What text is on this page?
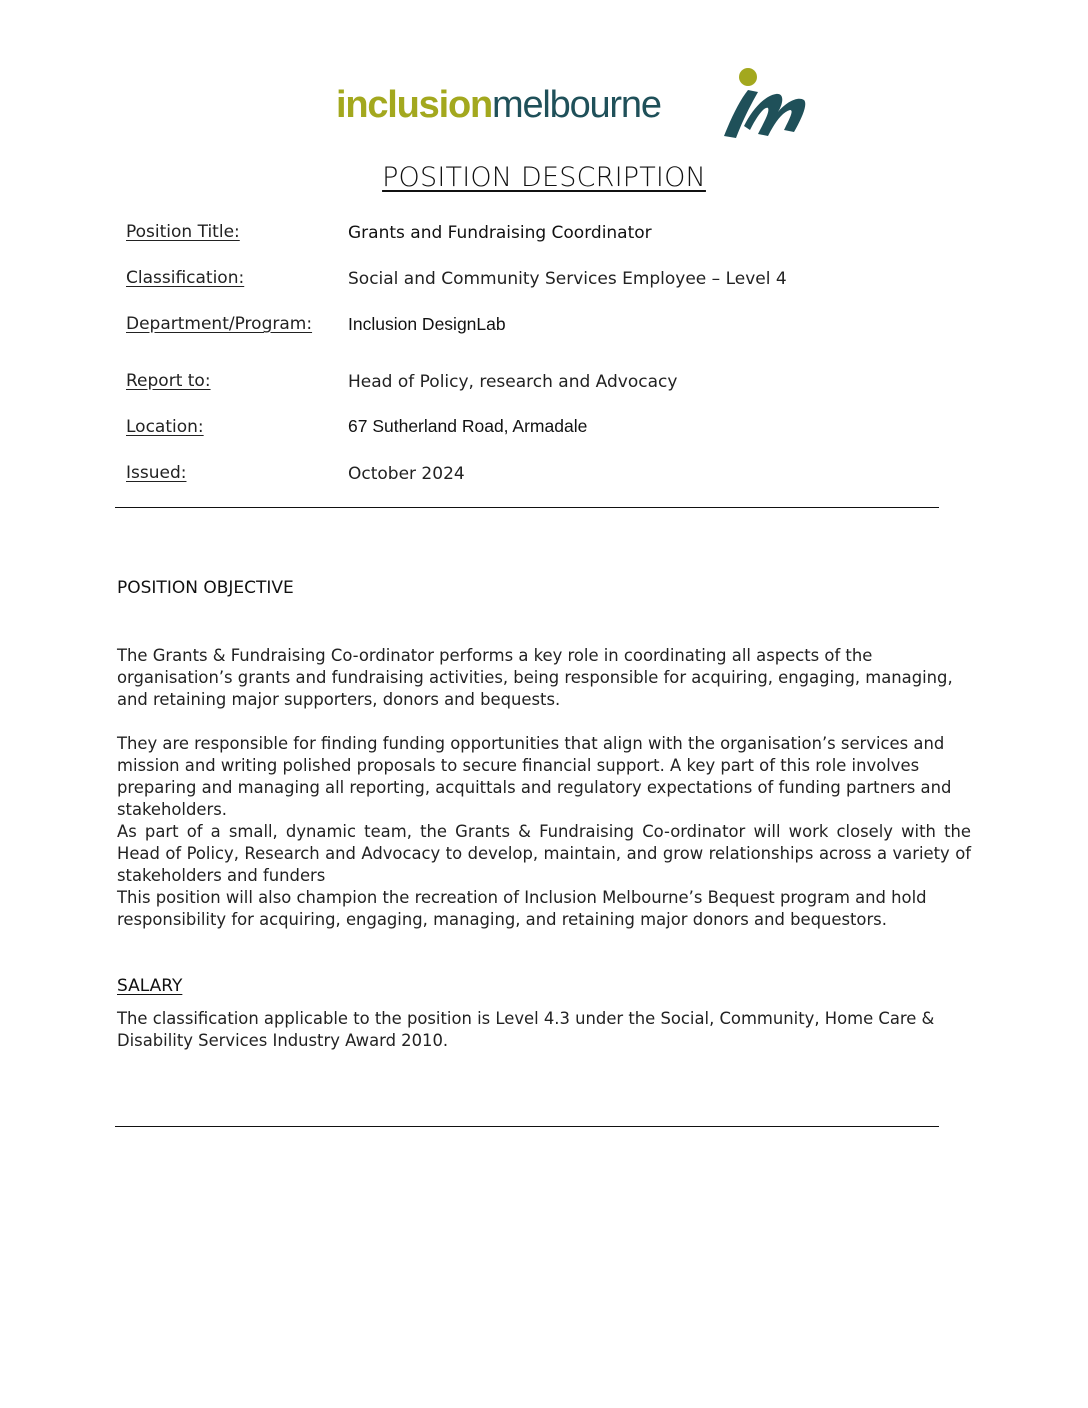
inclusionmelbourne
POSITION DESCRIPTION
Position Title:	Grants and Fundraising Coordinator
Classification:	Social and Community Services Employee – Level 4
Department/Program: Inclusion DesignLab
Report to:	Head of Policy, research and Advocacy
Location:	67 Sutherland Road, Armadale
Issued:	October 2024
POSITION OBJECTIVE

The Grants & Fundraising Co-ordinator performs a key role in coordinating all aspects of the organisation’s grants and fundraising activities, being responsible for acquiring, engaging, managing, and retaining major supporters, donors and bequests.

They are responsible for finding funding opportunities that align with the organisation’s services and mission and writing polished proposals to secure financial support. A key part of this role involves preparing and managing all reporting, acquittals and regulatory expectations of funding partners and stakeholders.

As part of a small, dynamic team, the Grants & Fundraising Co-ordinator will work closely with the Head of Policy, Research and Advocacy to develop, maintain, and grow relationships across a variety of stakeholders and funders

This position will also champion the recreation of Inclusion Melbourne’s Bequest program and hold responsibility for acquiring, engaging, managing, and retaining major donors and bequestors.

SALARY

The classification applicable to the position is Level 4.3 under the Social, Community, Home Care & Disability Services Industry Award 2010.
